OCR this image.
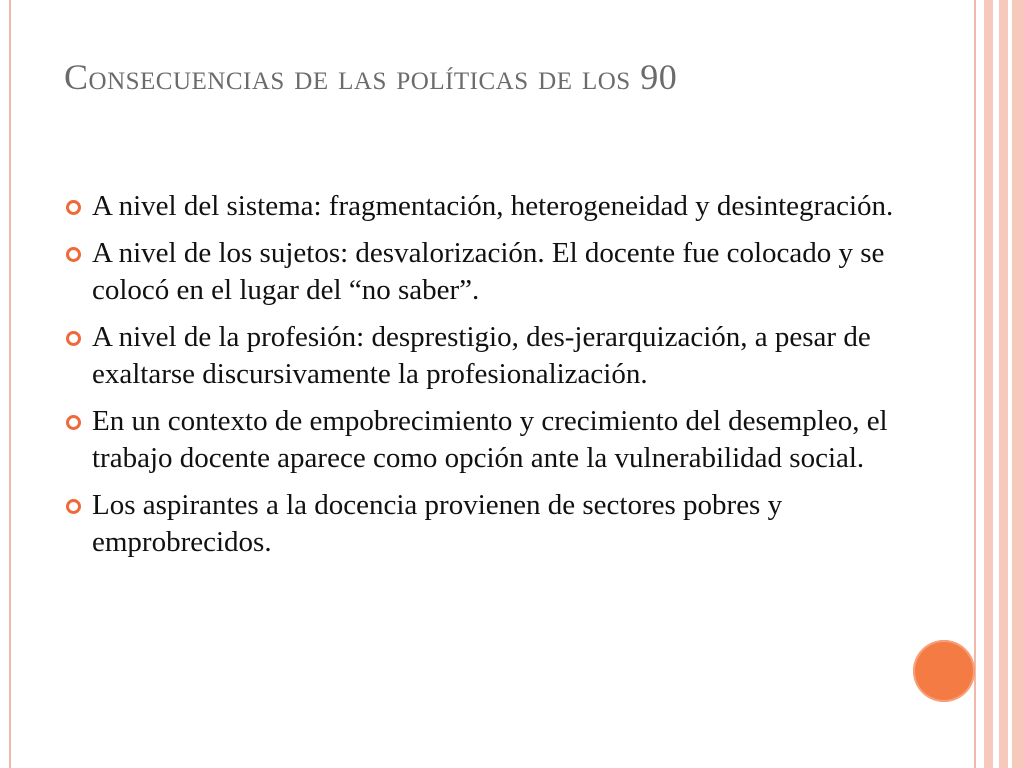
Consecuencias de las políticas de los 90
A nivel del sistema: fragmentación, heterogeneidad y desintegración.
A nivel de los sujetos: desvalorización. El docente fue colocado y se colocó en el lugar del “no saber”.
A nivel de la profesión: desprestigio, des-jerarquización, a pesar de exaltarse discursivamente la profesionalización.
En un contexto de empobrecimiento y crecimiento del desempleo, el trabajo docente aparece como opción ante la vulnerabilidad social.
Los aspirantes a la docencia provienen de sectores pobres y emprobrecidos.
